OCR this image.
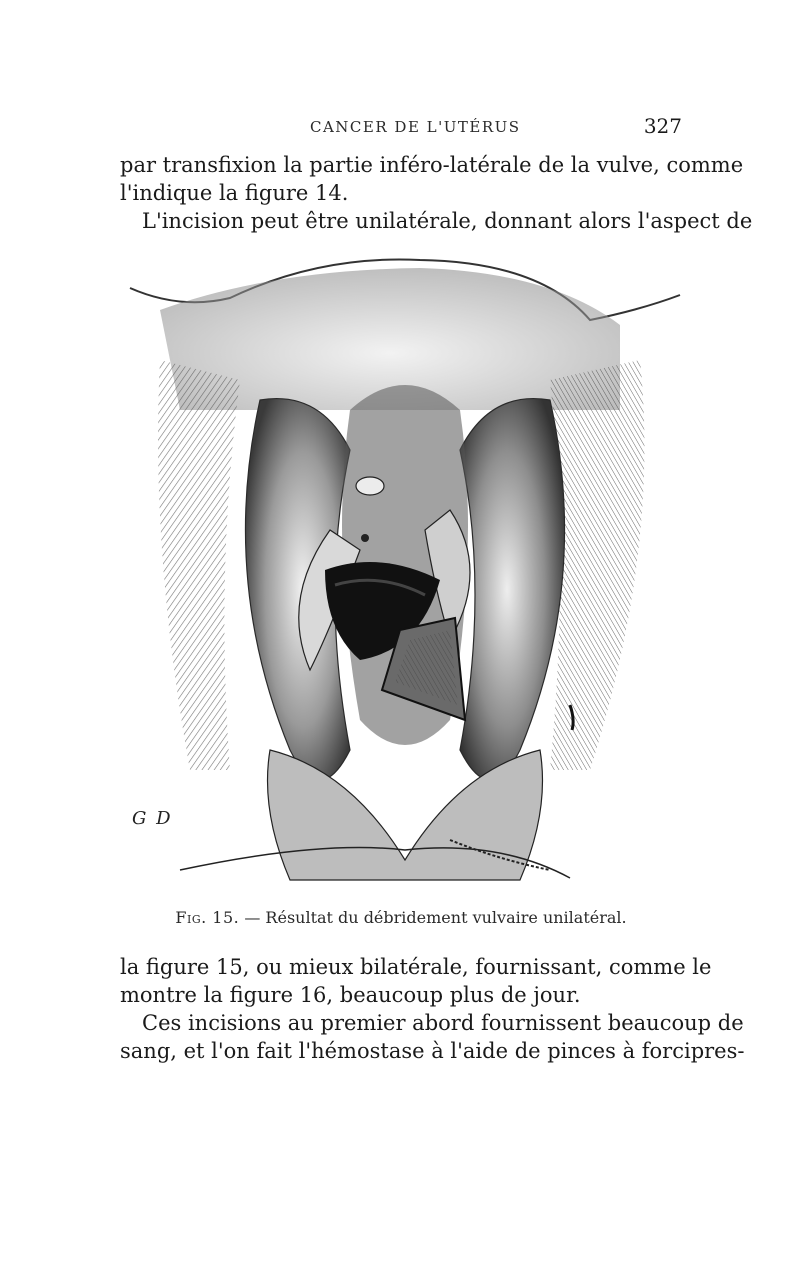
CANCER DE L'UTÉRUS	327

par transfixion la partie inféro-latérale de la vulve, comme
l'indique la figure 14.

L'incision peut être unilatérale, donnant alors l'aspect de

G D
Fig. 15. — Résultat du débridement vulvaire unilatéral.

la figure 15, ou mieux bilatérale, fournissant, comme le
montre la figure 16, beaucoup plus de jour.

Ces incisions au premier abord fournissent beaucoup de
sang, et l'on fait l'hémostase à l'aide de pinces à forcipres-
